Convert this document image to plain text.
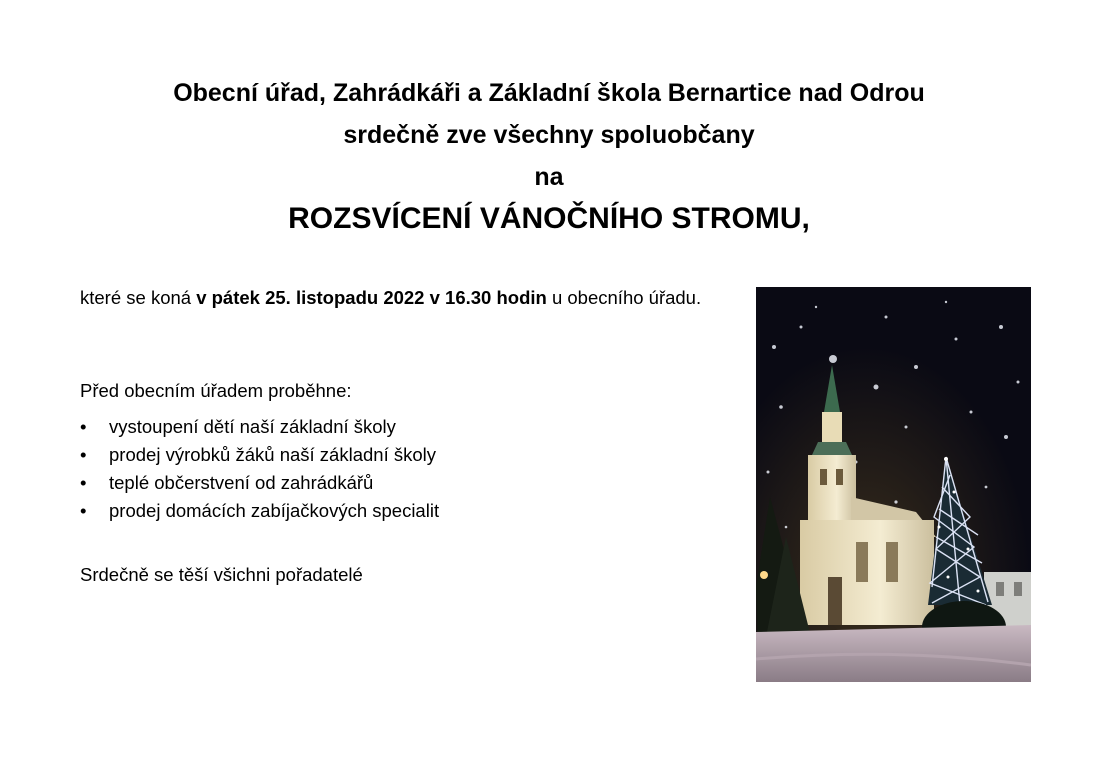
Obecní úřad, Zahrádkáři a Základní škola Bernartice nad Odrou
srdečně zve všechny spoluobčany
na
ROZSVÍCENÍ VÁNOČNÍHO STROMU,
které se koná v pátek 25. listopadu 2022 v 16.30 hodin u obecního úřadu.
Před obecním úřadem proběhne:
• vystoupení dětí naší základní školy
• prodej výrobků žáků naší základní školy
• teplé občerstvení od zahrádkářů
• prodej domácích zabíjačkových specialit
Srdečně se těší všichni pořadatelé
